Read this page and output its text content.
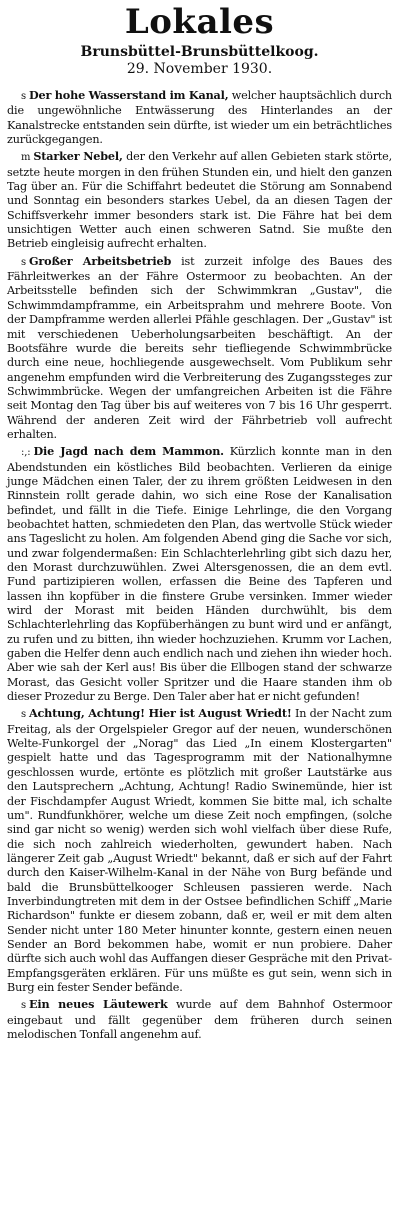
Lokales
Brunsbüttel-Brunsbüttelkoog.
29. November 1930.

s Der hohe Wasserstand im Kanal, welcher hauptsächlich durch die ungewöhnliche Entwässerung des Hinterlandes an der Kanalstrecke entstanden sein dürfte, ist wieder um ein beträchtliches zurückgegangen.

m Starker Nebel, der den Verkehr auf allen Gebieten stark störte, setzte heute morgen in den frühen Stunden ein, und hielt den ganzen Tag über an. Für die Schiffahrt bedeutet die Störung am Sonnabend und Sonntag ein besonders starkes Uebel, da an diesen Tagen der Schiffsverkehr immer besonders stark ist. Die Fähre hat bei dem unsichtigen Wetter auch einen schweren Satnd. Sie mußte den Betrieb eingleisig aufrecht erhalten.

s Großer Arbeitsbetrieb ist zurzeit infolge des Baues des Fährleitwerkes an der Fähre Ostermoor zu beobachten. An der Arbeitsstelle befinden sich der Schwimmkran „Gustav", die Schwimmdampframme, ein Arbeitsprahm und mehrere Boote. Von der Dampframme werden allerlei Pfähle geschlagen. Der „Gustav" ist mit verschiedenen Ueberholungsarbeiten beschäftigt. An der Bootsfähre wurde die bereits sehr tiefliegende Schwimmbrücke durch eine neue, hochliegende ausgewechselt. Vom Publikum sehr angenehm empfunden wird die Verbreiterung des Zugangssteges zur Schwimmbrücke. Wegen der umfangreichen Arbeiten ist die Fähre seit Montag den Tag über bis auf weiteres von 7 bis 16 Uhr gesperrt. Während der anderen Zeit wird der Fährbetrieb voll aufrecht erhalten.

:,: Die Jagd nach dem Mammon. Kürzlich konnte man in den Abendstunden ein köstliches Bild beobachten. Verlieren da einige junge Mädchen einen Taler, der zu ihrem größten Leidwesen in den Rinnstein rollt gerade dahin, wo sich eine Rose der Kanalisation befindet, und fällt in die Tiefe. Einige Lehrlinge, die den Vorgang beobachtet hatten, schmiedeten den Plan, das wertvolle Stück wieder ans Tageslicht zu holen. Am folgenden Abend ging die Sache vor sich, und zwar folgendermaßen: Ein Schlachterlehrling gibt sich dazu her, den Morast durchzuwühlen. Zwei Altersgenossen, die an dem evtl. Fund partizipieren wollen, erfassen die Beine des Tapferen und lassen ihn kopfüber in die finstere Grube versinken. Immer wieder wird der Morast mit beiden Händen durchwühlt, bis dem Schlachterlehrling das Kopfüberhängen zu bunt wird und er anfängt, zu rufen und zu bitten, ihn wieder hochzuziehen. Krumm vor Lachen, gaben die Helfer denn auch endlich nach und ziehen ihn wieder hoch. Aber wie sah der Kerl aus! Bis über die Ellbogen stand der schwarze Morast, das Gesicht voller Spritzer und die Haare standen ihm ob dieser Prozedur zu Berge. Den Taler aber hat er nicht gefunden!

s Achtung, Achtung! Hier ist August Wriedt! In der Nacht zum Freitag, als der Orgelspieler Gregor auf der neuen, wunderschönen Welte-Funkorgel der „Norag" das Lied „In einem Klostergarten" gespielt hatte und das Tagesprogramm mit der Nationalhymne geschlossen wurde, ertönte es plötzlich mit großer Lautstärke aus den Lautsprechern „Achtung, Achtung! Radio Swinemünde, hier ist der Fischdampfer August Wriedt, kommen Sie bitte mal, ich schalte um". Rundfunkhörer, welche um diese Zeit noch empfingen, (solche sind gar nicht so wenig) werden sich wohl vielfach über diese Rufe, die sich noch zahlreich wiederholten, gewundert haben. Nach längerer Zeit gab „August Wriedt" bekannt, daß er sich auf der Fahrt durch den Kaiser-Wilhelm-Kanal in der Nähe von Burg befände und bald die Brunsbüttelkooger Schleusen passieren werde. Nach Inverbindungtreten mit dem in der Ostsee befindlichen Schiff „Marie Richardson" funkte er diesem zobann, daß er, weil er mit dem alten Sender nicht unter 180 Meter hinunter konnte, gestern einen neuen Sender an Bord bekommen habe, womit er nun probiere. Daher dürfte sich auch wohl das Auffangen dieser Gespräche mit den Privat-Empfangsgeräten erklären. Für uns müßte es gut sein, wenn sich in Burg ein fester Sender befände.

s Ein neues Läutewerk wurde auf dem Bahnhof Ostermoor eingebaut und fällt gegenüber dem früheren durch seinen melodischen Tonfall angenehm auf.
